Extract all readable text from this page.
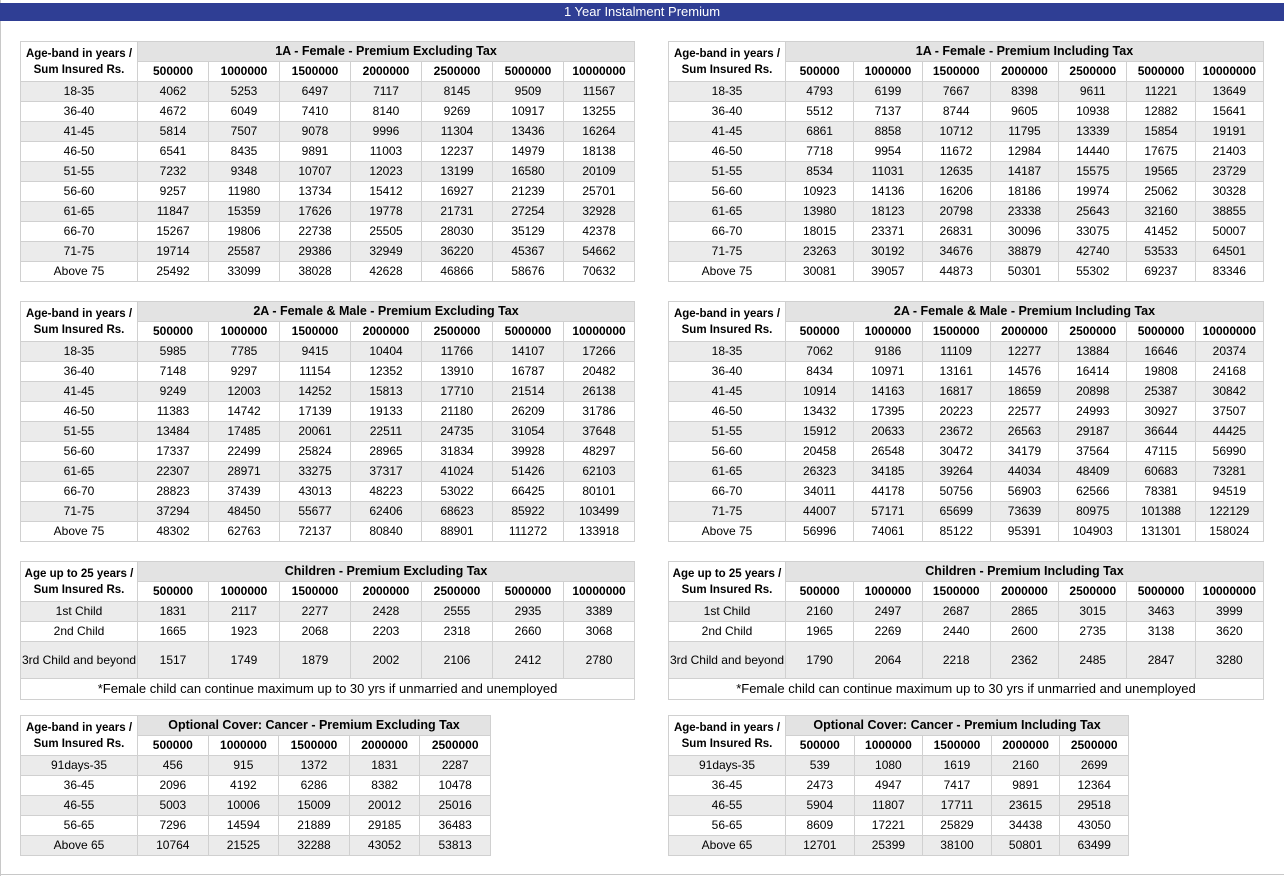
1 Year Instalment Premium
Age-band in years / Sum Insured Rs.	1A - Female - Premium Excluding Tax						
	500000	1000000	1500000	2000000	2500000	5000000	10000000
18-35	4062	5253	6497	7117	8145	9509	11567
36-40	4672	6049	7410	8140	9269	10917	13255
41-45	5814	7507	9078	9996	11304	13436	16264
46-50	6541	8435	9891	11003	12237	14979	18138
51-55	7232	9348	10707	12023	13199	16580	20109
56-60	9257	11980	13734	15412	16927	21239	25701
61-65	11847	15359	17626	19778	21731	27254	32928
66-70	15267	19806	22738	25505	28030	35129	42378
71-75	19714	25587	29386	32949	36220	45367	54662
Above 75	25492	33099	38028	42628	46866	58676	70632
Age-band in years / Sum Insured Rs.	2A - Female & Male - Premium Excluding Tax						
	500000	1000000	1500000	2000000	2500000	5000000	10000000
18-35	5985	7785	9415	10404	11766	14107	17266
36-40	7148	9297	11154	12352	13910	16787	20482
41-45	9249	12003	14252	15813	17710	21514	26138
46-50	11383	14742	17139	19133	21180	26209	31786
51-55	13484	17485	20061	22511	24735	31054	37648
56-60	17337	22499	25824	28965	31834	39928	48297
61-65	22307	28971	33275	37317	41024	51426	62103
66-70	28823	37439	43013	48223	53022	66425	80101
71-75	37294	48450	55677	62406	68623	85922	103499
Above 75	48302	62763	72137	80840	88901	111272	133918
Age up to 25 years / Sum Insured Rs.	Children - Premium Excluding Tax						
	500000	1000000	1500000	2000000	2500000	5000000	10000000
1st Child	1831	2117	2277	2428	2555	2935	3389
2nd Child	1665	1923	2068	2203	2318	2660	3068
3rd Child and beyond	1517	1749	1879	2002	2106	2412	2780
*Female child can continue maximum up to 30 yrs if unmarried and unemployed							
Age-band in years / Sum Insured Rs.	Optional Cover: Cancer - Premium Excluding Tax				
	500000	1000000	1500000	2000000	2500000
91days-35	456	915	1372	1831	2287
36-45	2096	4192	6286	8382	10478
46-55	5003	10006	15009	20012	25016
56-65	7296	14594	21889	29185	36483
Above 65	10764	21525	32288	43052	53813
Age-band in years / Sum Insured Rs.	1A - Female - Premium Including Tax						
	500000	1000000	1500000	2000000	2500000	5000000	10000000
18-35	4793	6199	7667	8398	9611	11221	13649
36-40	5512	7137	8744	9605	10938	12882	15641
41-45	6861	8858	10712	11795	13339	15854	19191
46-50	7718	9954	11672	12984	14440	17675	21403
51-55	8534	11031	12635	14187	15575	19565	23729
56-60	10923	14136	16206	18186	19974	25062	30328
61-65	13980	18123	20798	23338	25643	32160	38855
66-70	18015	23371	26831	30096	33075	41452	50007
71-75	23263	30192	34676	38879	42740	53533	64501
Above 75	30081	39057	44873	50301	55302	69237	83346
Age-band in years / Sum Insured Rs.	2A - Female & Male - Premium Including Tax						
	500000	1000000	1500000	2000000	2500000	5000000	10000000
18-35	7062	9186	11109	12277	13884	16646	20374
36-40	8434	10971	13161	14576	16414	19808	24168
41-45	10914	14163	16817	18659	20898	25387	30842
46-50	13432	17395	20223	22577	24993	30927	37507
51-55	15912	20633	23672	26563	29187	36644	44425
56-60	20458	26548	30472	34179	37564	47115	56990
61-65	26323	34185	39264	44034	48409	60683	73281
66-70	34011	44178	50756	56903	62566	78381	94519
71-75	44007	57171	65699	73639	80975	101388	122129
Above 75	56996	74061	85122	95391	104903	131301	158024
Age up to 25 years / Sum Insured Rs.	Children - Premium Including Tax						
	500000	1000000	1500000	2000000	2500000	5000000	10000000
1st Child	2160	2497	2687	2865	3015	3463	3999
2nd Child	1965	2269	2440	2600	2735	3138	3620
3rd Child and beyond	1790	2064	2218	2362	2485	2847	3280
*Female child can continue maximum up to 30 yrs if unmarried and unemployed							
Age-band in years / Sum Insured Rs.	Optional Cover: Cancer - Premium Including Tax				
	500000	1000000	1500000	2000000	2500000
91days-35	539	1080	1619	2160	2699
36-45	2473	4947	7417	9891	12364
46-55	5904	11807	17711	23615	29518
56-65	8609	17221	25829	34438	43050
Above 65	12701	25399	38100	50801	63499
